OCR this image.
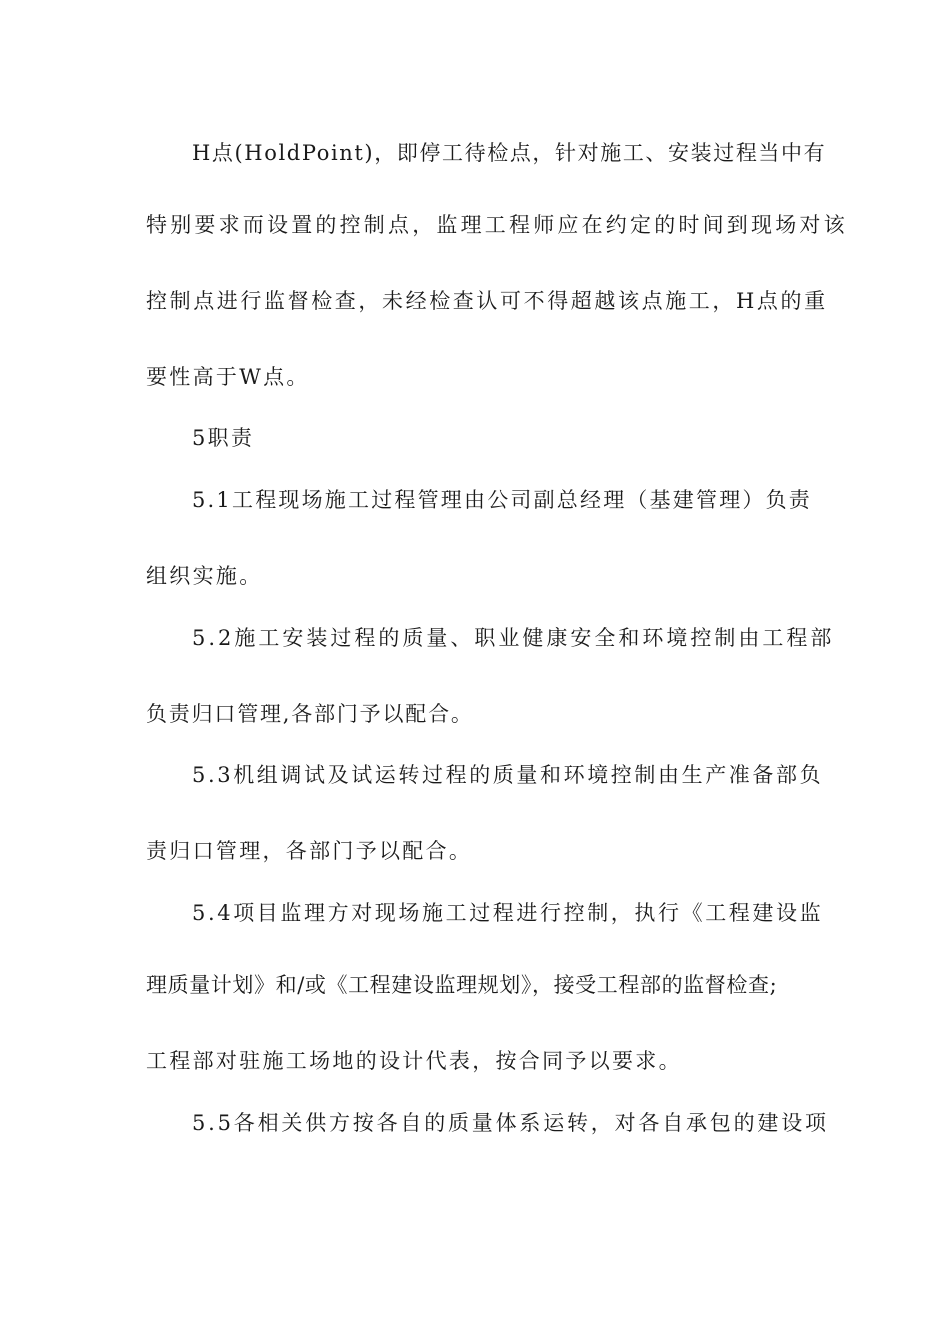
H点(HoldPoint)，即停工待检点，针对施工、安装过程当中有
特别要求而设置的控制点，监理工程师应在约定的时间到现场对该
控制点进行监督检查，未经检查认可不得超越该点施工，H点的重
要性高于W点。
5职责
5.1工程现场施工过程管理由公司副总经理（基建管理）负责
组织实施。
5.2施工安装过程的质量、职业健康安全和环境控制由工程部
负责归口管理,各部门予以配合。
5.3机组调试及试运转过程的质量和环境控制由生产准备部负
责归口管理，各部门予以配合。
5.4项目监理方对现场施工过程进行控制，执行《工程建设监
理质量计划》和/或《工程建设监理规划》，接受工程部的监督检查;
工程部对驻施工场地的设计代表，按合同予以要求。
5.5各相关供方按各自的质量体系运转，对各自承包的建设项
